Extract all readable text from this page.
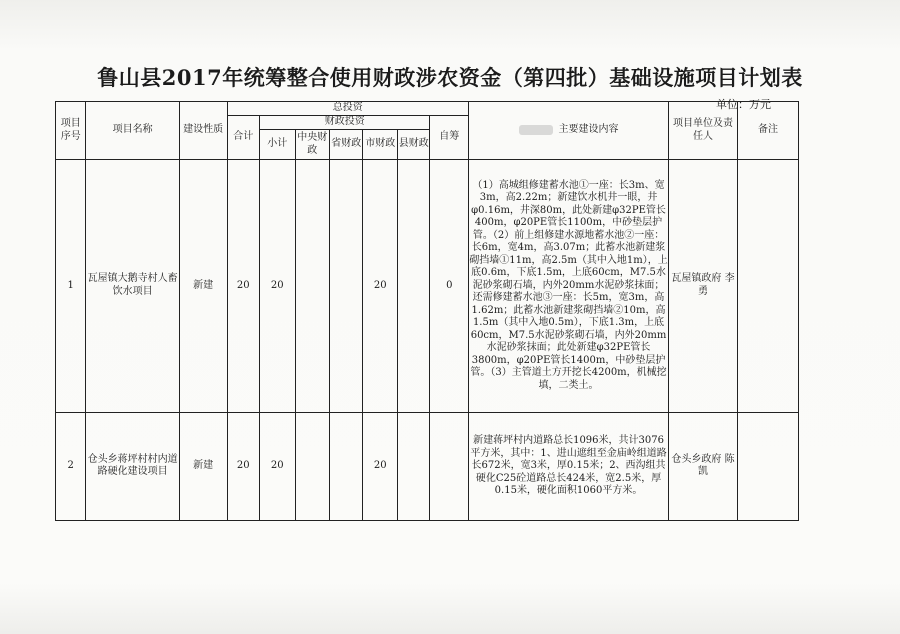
鲁山县2017年统筹整合使用财政涉农资金（第四批）基础设施项目计划表
单位：万元
项目序号	项目名称	建设性质	总投资							主要建设内容	项目单位及责任人	备注
			合计	财政投资					自筹			
				小计	中央财政	省财政	市财政	县财政				
1	瓦屋镇大鹅寺村人畜饮水项目	新建	20	20			20		0	（1）高城组修建蓄水池①一座：长3m、宽3m，高2.22m；新建饮水机井一眼，井φ0.16m，井深80m，此处新建φ32PE管长400m，φ20PE管长1100m，中砂垫层护管。（2）前上组修建水源地蓄水池②一座：长6m，宽4m，高3.07m；此蓄水池新建浆砌挡墙①11m，高2.5m（其中入地1m），上底0.6m，下底1.5m，上底60cm，M7.5水泥砂浆砌石墙，内外20mm水泥砂浆抹面；还需修建蓄水池③一座：长5m，宽3m，高1.62m；此蓄水池新建浆砌挡墙②10m，高1.5m（其中入地0.5m），下底1.3m，上底60cm，M7.5水泥砂浆砌石墙，内外20mm水泥砂浆抹面；此处新建φ32PE管长3800m，φ20PE管长1400m，中砂垫层护管。（3）主管道土方开挖长4200m，机械挖填，二类土。	瓦屋镇政府 李 勇	
2	仓头乡蒋坪村村内道路硬化建设项目	新建	20	20			20			新建蒋坪村内道路总长1096米，共计3076平方米，其中：1、进山遮组至金庙岭组道路长672米，宽3米，厚0.15米；2、西沟组共硬化C25砼道路总长424米，宽2.5米，厚0.15米，硬化面积1060平方米。	仓头乡政府 陈 凯	
